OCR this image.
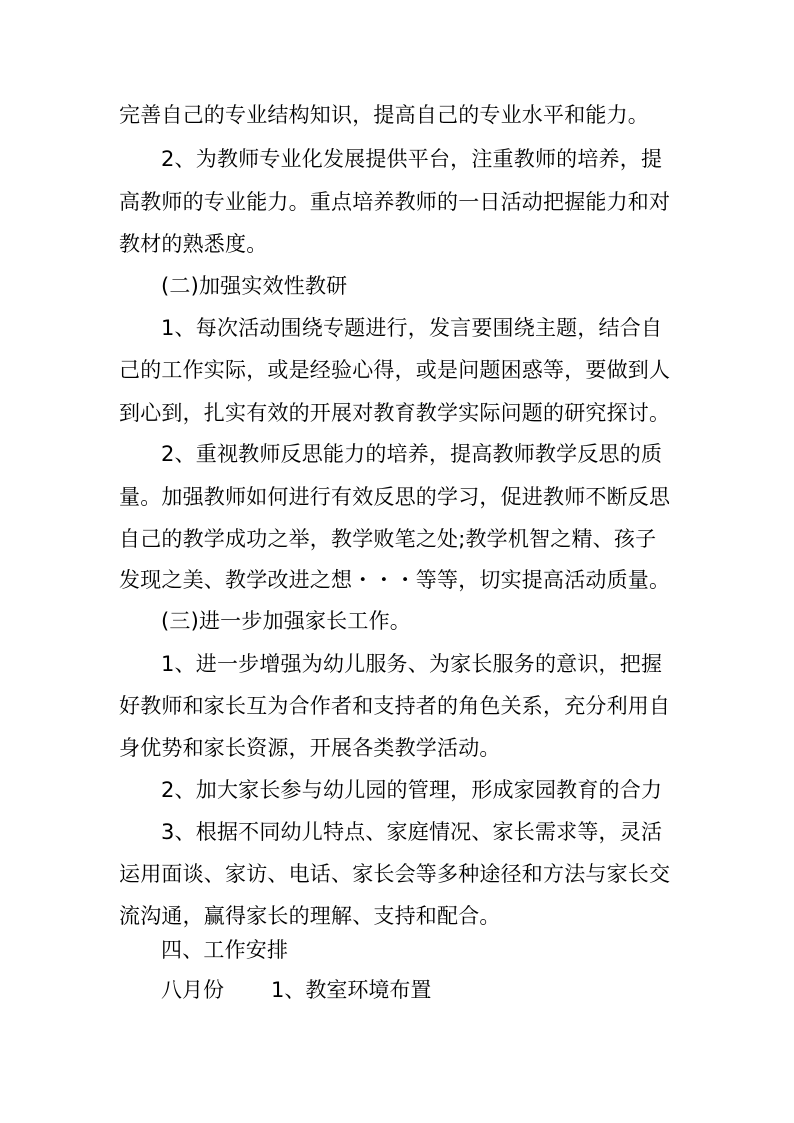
完善自己的专业结构知识，提高自己的专业水平和能力。
2、为教师专业化发展提供平台，注重教师的培养，提
高教师的专业能力。重点培养教师的一日活动把握能力和对
教材的熟悉度。
(二)加强实效性教研
1、每次活动围绕专题进行，发言要围绕主题，结合自
己的工作实际，或是经验心得，或是问题困惑等，要做到人
到心到，扎实有效的开展对教育教学实际问题的研究探讨。
2、重视教师反思能力的培养，提高教师教学反思的质
量。加强教师如何进行有效反思的学习，促进教师不断反思
自己的教学成功之举，教学败笔之处;教学机智之精、孩子
发现之美、教学改进之想・・・等等，切实提高活动质量。
(三)进一步加强家长工作。
1、进一步增强为幼儿服务、为家长服务的意识，把握
好教师和家长互为合作者和支持者的角色关系，充分利用自
身优势和家长资源，开展各类教学活动。
2、加大家长参与幼儿园的管理，形成家园教育的合力
3、根据不同幼儿特点、家庭情况、家长需求等，灵活
运用面谈、家访、电话、家长会等多种途径和方法与家长交
流沟通，赢得家长的理解、支持和配合。
四、工作安排
八月份 1、教室环境布置
